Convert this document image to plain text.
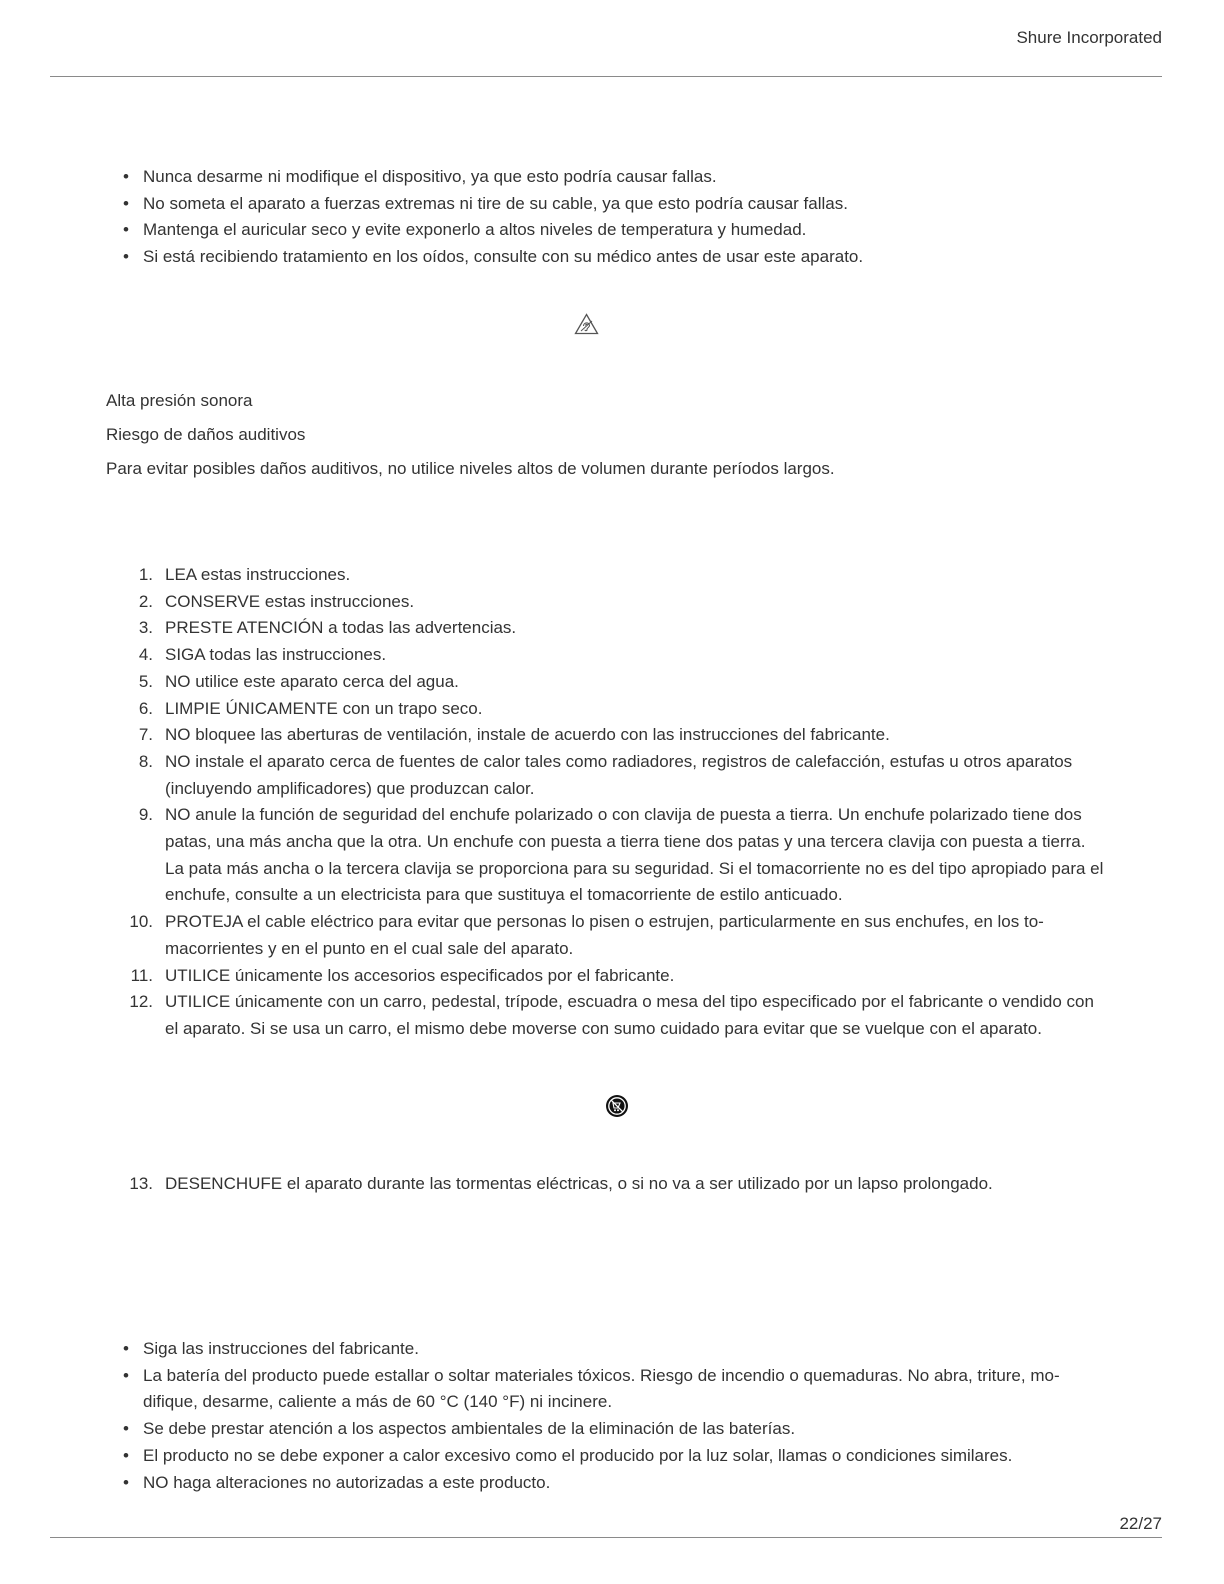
Shure Incorporated
• Nunca desarme ni modifique el dispositivo, ya que esto podría causar fallas.
• No someta el aparato a fuerzas extremas ni tire de su cable, ya que esto podría causar fallas.
• Mantenga el auricular seco y evite exponerlo a altos niveles de temperatura y humedad.
• Si está recibiendo tratamiento en los oídos, consulte con su médico antes de usar este aparato.

Alta presión sonora

Riesgo de daños auditivos

Para evitar posibles daños auditivos, no utilice niveles altos de volumen durante períodos largos.

1. LEA estas instrucciones.
2. CONSERVE estas instrucciones.
3. PRESTE ATENCIÓN a todas las advertencias.
4. SIGA todas las instrucciones.
5. NO utilice este aparato cerca del agua.
6. LIMPIE ÚNICAMENTE con un trapo seco.
7. NO bloquee las aberturas de ventilación, instale de acuerdo con las instrucciones del fabricante.
8. NO instale el aparato cerca de fuentes de calor tales como radiadores, registros de calefacción, estufas u otros aparatos (incluyendo amplificadores) que produzcan calor.
9. NO anule la función de seguridad del enchufe polarizado o con clavija de puesta a tierra. Un enchufe polarizado tiene dos patas, una más ancha que la otra. Un enchufe con puesta a tierra tiene dos patas y una tercera clavija con puesta a tierra. La pata más ancha o la tercera clavija se proporciona para su seguridad. Si el tomacorriente no es del tipo apropiado para el enchufe, consulte a un electricista para que sustituya el tomacorriente de estilo anticuado.
10. PROTEJA el cable eléctrico para evitar que personas lo pisen o estrujen, particularmente en sus enchufes, en los tomacorrientes y en el punto en el cual sale del aparato.
11. UTILICE únicamente los accesorios especificados por el fabricante.
12. UTILICE únicamente con un carro, pedestal, trípode, escuadra o mesa del tipo especificado por el fabricante o vendido con el aparato. Si se usa un carro, el mismo debe moverse con sumo cuidado para evitar que se vuelque con el aparato.
13. DESENCHUFE el aparato durante las tormentas eléctricas, o si no va a ser utilizado por un lapso prolongado.
• Siga las instrucciones del fabricante.
• La batería del producto puede estallar o soltar materiales tóxicos. Riesgo de incendio o quemaduras. No abra, triture, modifique, desarme, caliente a más de 60 °C (140 °F) ni incinere.
• Se debe prestar atención a los aspectos ambientales de la eliminación de las baterías.
• El producto no se debe exponer a calor excesivo como el producido por la luz solar, llamas o condiciones similares.
• NO haga alteraciones no autorizadas a este producto.
22/27
